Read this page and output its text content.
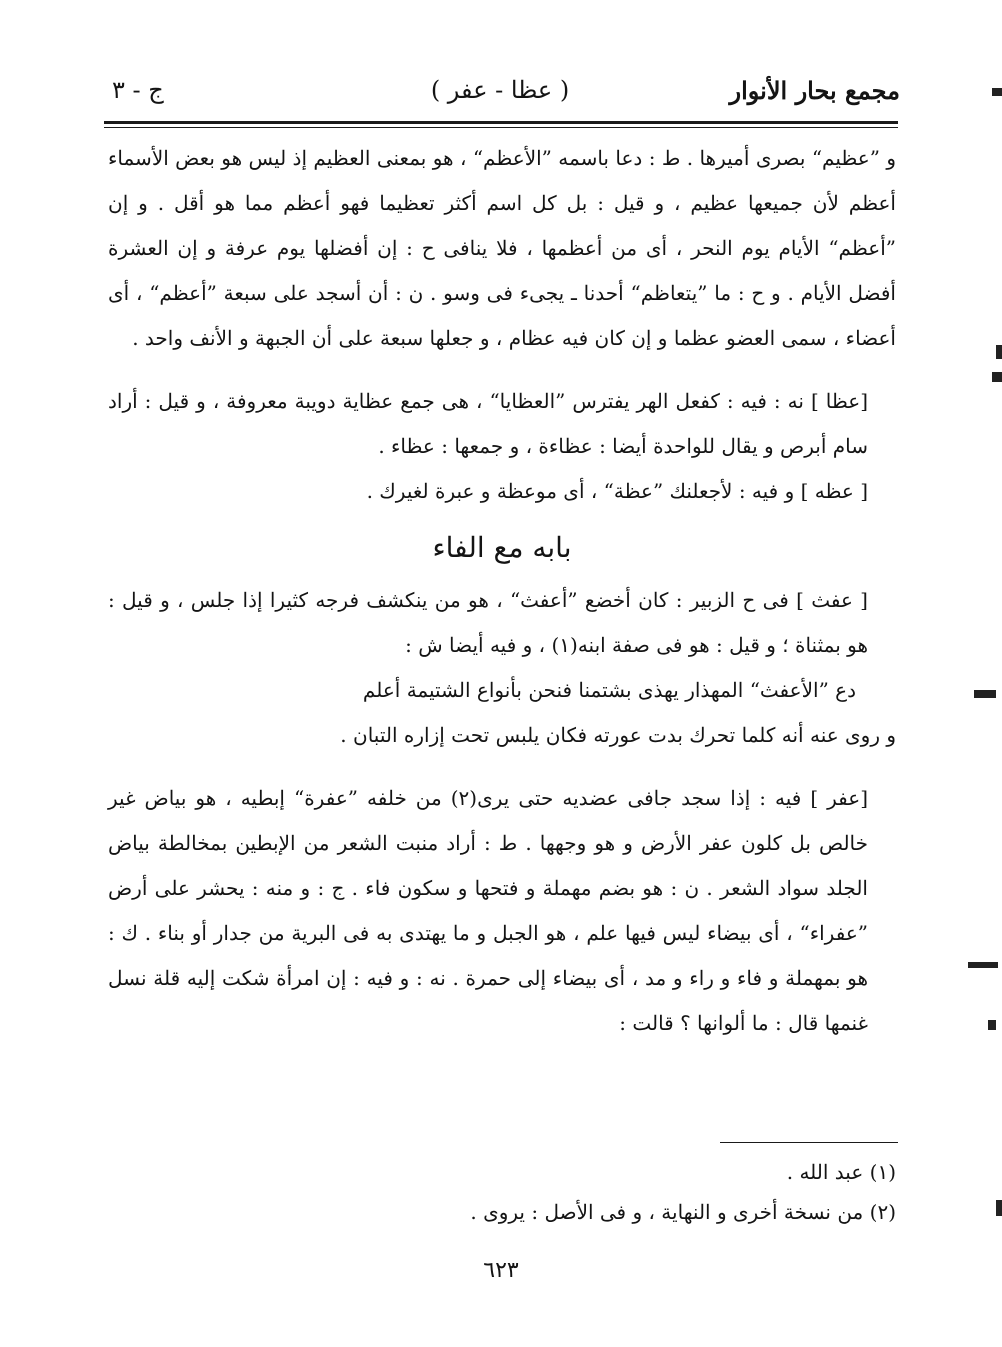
مجمع بحار الأنوار
( عظا - عفر )
ج - ٣

و ”عظيم“ بصرى أميرها . ط : دعا باسمه ”الأعظم“ ، هو بمعنى العظيم إذ ليس هو بعض الأسماء أعظم لأن جميعها عظيم ، و قيل : بل كل اسم أكثر تعظيما فهو أعظم مما هو أقل . و إن ”أعظم“ الأيام يوم النحر ، أى من أعظمها ، فلا ينافى ح : إن أفضلها يوم عرفة و إن العشرة أفضل الأيام . و ح : ما ”يتعاظم“ أحدنا ـ يجىء فى وسو . ن : أن أسجد على سبعة ”أعظم“ ، أى أعضاء ، سمى العضو عظما و إن كان فيه عظام ، و جعلها سبعة على أن الجبهة و الأنف واحد .

[عظا ] نه : فيه : كفعل الهر يفترس ”العظايا“ ، هى جمع عظاية دويبة معروفة ، و قيل : أراد سام أبرص و يقال للواحدة أيضا : عظاءة ، و جمعها : عظاء .

[ عظه ] و فيه : لأجعلنك ”عظة“ ، أى موعظة و عبرة لغيرك .

بابه مع الفاء

[ عفث ] فى ح الزبير : كان أخضع ”أعفث“ ، هو من ينكشف فرجه كثيرا إذا جلس ، و قيل : هو بمثناة ؛ و قيل : هو فى صفة ابنه(١) ، و فيه أيضا ش :

دع ”الأعفث“ المهذار يهذى بشتمنا فنحن بأنواع الشتيمة أعلم

و روى عنه أنه كلما تحرك بدت عورته فكان يلبس تحت إزاره التبان .

[عفر ] فيه : إذا سجد جافى عضديه حتى يرى(٢) من خلفه ”عفرة“ إبطيه ، هو بياض غير خالص بل كلون عفر الأرض و هو وجهها . ط : أراد منبت الشعر من الإبطين بمخالطة بياض الجلد سواد الشعر . ن : هو بضم مهملة و فتحها و سكون فاء . ج : و منه : يحشر على أرض ”عفراء“ ، أى بيضاء ليس فيها علم ، هو الجبل و ما يهتدى به فى البرية من جدار أو بناء . ك : هو بمهملة و فاء و راء و مد ، أى بيضاء إلى حمرة . نه : و فيه : إن امرأة شكت إليه قلة نسل غنمها قال : ما ألوانها ؟ قالت :

(١) عبد الله .

(٢) من نسخة أخرى و النهاية ، و فى الأصل : يروى .

٦٢٣
